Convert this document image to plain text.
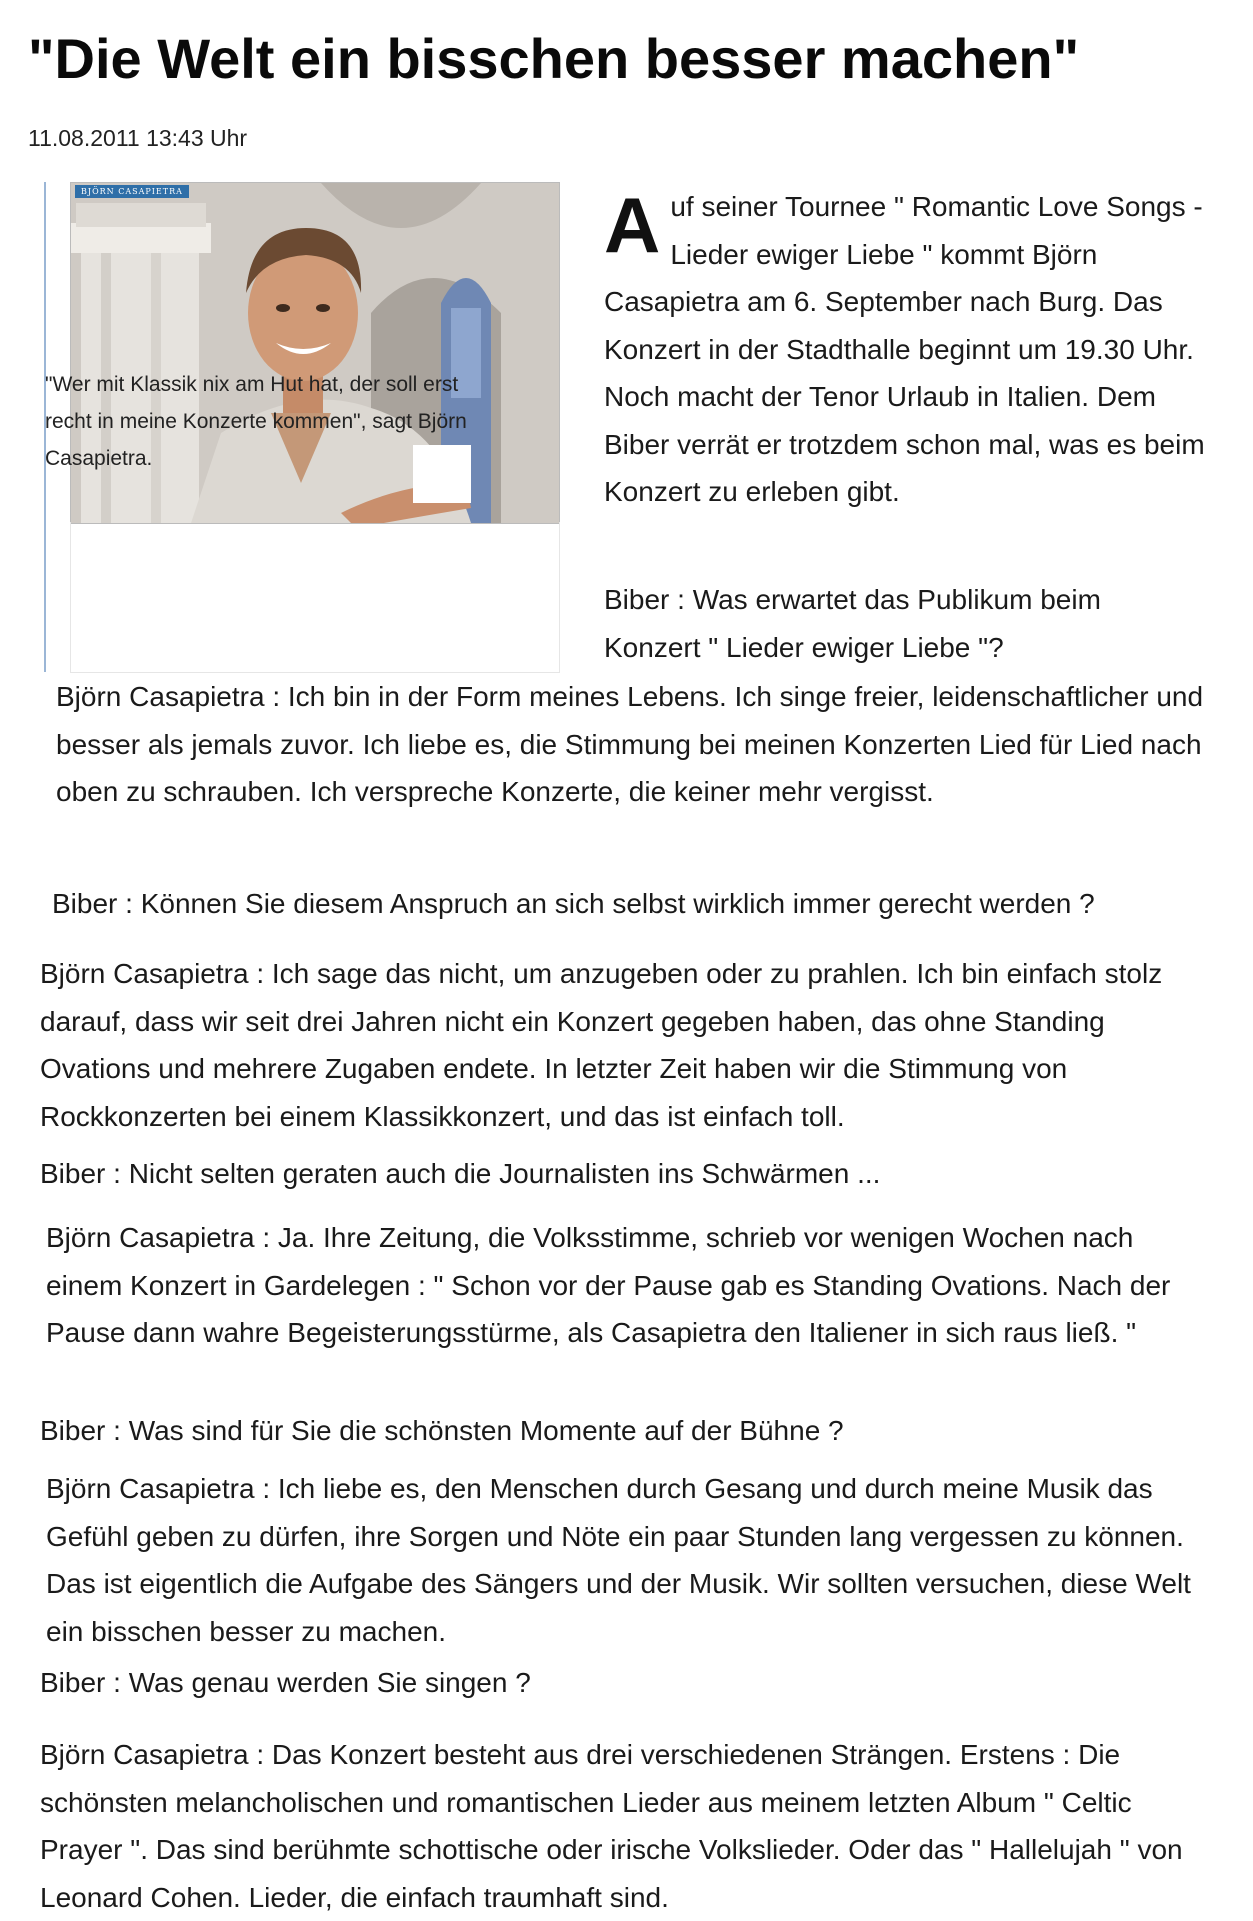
"Die Welt ein bisschen besser machen"
11.08.2011 13:43 Uhr
BJÖRN CASAPIETRA
"Wer mit Klassik nix am Hut hat, der soll erst recht in meine Konzerte kommen", sagt Björn Casapietra.
Auf seiner Tournee " Romantic Love Songs - Lieder ewiger Liebe " kommt Björn Casapietra am 6. September nach Burg. Das Konzert in der Stadthalle beginnt um 19.30 Uhr. Noch macht der Tenor Urlaub in Italien. Dem Biber verrät er trotzdem schon mal, was es beim Konzert zu erleben gibt.

Biber : Was erwartet das Publikum beim Konzert " Lieder ewiger Liebe "?

Björn Casapietra : Ich bin in der Form meines Lebens. Ich singe freier, leidenschaftlicher und besser als jemals zuvor. Ich liebe es, die Stimmung bei meinen Konzerten Lied für Lied nach oben zu schrauben. Ich verspreche Konzerte, die keiner mehr vergisst.

Biber : Können Sie diesem Anspruch an sich selbst wirklich immer gerecht werden ?

Björn Casapietra : Ich sage das nicht, um anzugeben oder zu prahlen. Ich bin einfach stolz darauf, dass wir seit drei Jahren nicht ein Konzert gegeben haben, das ohne Standing Ovations und mehrere Zugaben endete. In letzter Zeit haben wir die Stimmung von Rockkonzerten bei einem Klassikkonzert, und das ist einfach toll.

Biber : Nicht selten geraten auch die Journalisten ins Schwärmen ...

Björn Casapietra : Ja. Ihre Zeitung, die Volksstimme, schrieb vor wenigen Wochen nach einem Konzert in Gardelegen : " Schon vor der Pause gab es Standing Ovations. Nach der Pause dann wahre Begeisterungsstürme, als Casapietra den Italiener in sich raus ließ. "

Biber : Was sind für Sie die schönsten Momente auf der Bühne ?

Björn Casapietra : Ich liebe es, den Menschen durch Gesang und durch meine Musik das Gefühl geben zu dürfen, ihre Sorgen und Nöte ein paar Stunden lang vergessen zu können. Das ist eigentlich die Aufgabe des Sängers und der Musik. Wir sollten versuchen, diese Welt ein bisschen besser zu machen.

Biber : Was genau werden Sie singen ?

Björn Casapietra : Das Konzert besteht aus drei verschiedenen Strängen. Erstens : Die schönsten melancholischen und romantischen Lieder aus meinem letzten Album " Celtic Prayer ". Das sind berühmte schottische oder irische Volkslieder. Oder das " Hallelujah " von Leonard Cohen. Lieder, die einfach traumhaft sind.
